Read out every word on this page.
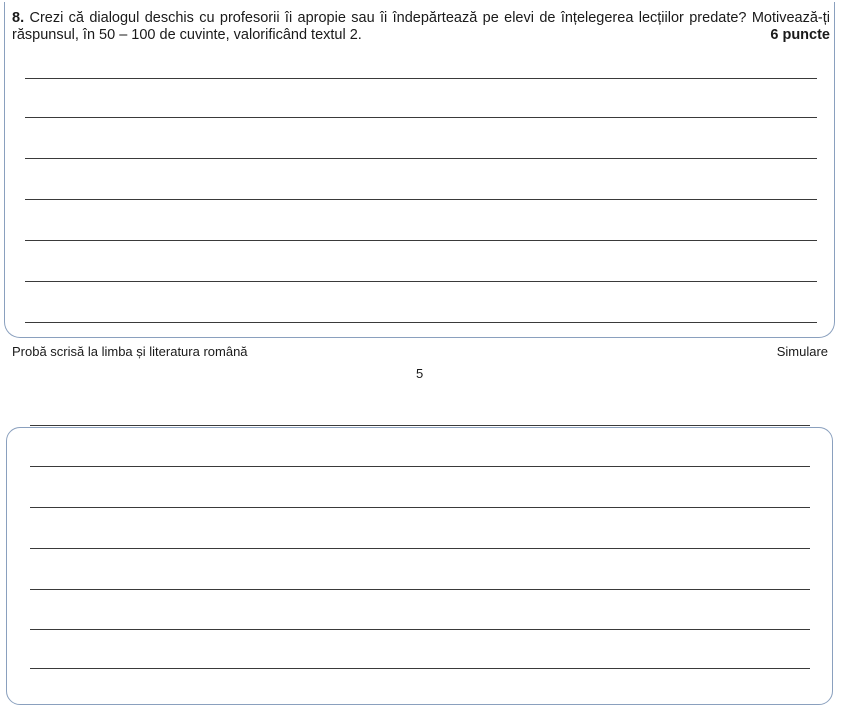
8. Crezi că dialogul deschis cu profesorii îi apropie sau îi îndepărtează pe elevi de înțelegerea lecțiilor predate? Motivează-ți răspunsul, în 50 – 100 de cuvinte, valorificând textul 2.	6 puncte
Probă scrisă la limba și literatura română	Simulare
5
